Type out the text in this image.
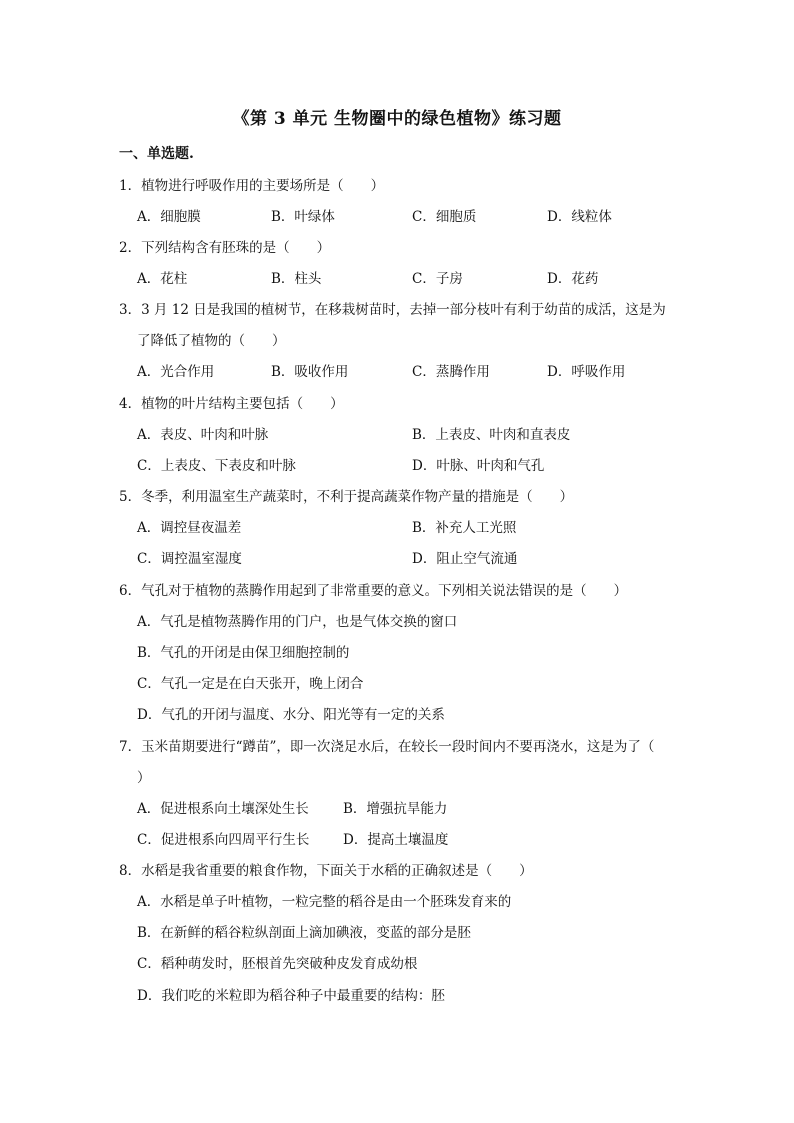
《第 3 单元 生物圈中的绿色植物》练习题
一、单选题.
1．植物进行呼吸作用的主要场所是（　　）
A．细胞膜	B．叶绿体	C．细胞质	D．线粒体
2．下列结构含有胚珠的是（　　）
A．花柱	B．柱头	C．子房	D．花药
3．3 月 12 日是我国的植树节，在移栽树苗时，去掉一部分枝叶有利于幼苗的成活，这是为
了降低了植物的（　　）
A．光合作用	B．吸收作用	C．蒸腾作用	D．呼吸作用
4．植物的叶片结构主要包括（　　）
A．表皮、叶肉和叶脉	B．上表皮、叶肉和直表皮
C．上表皮、下表皮和叶脉	D．叶脉、叶肉和气孔
5．冬季，利用温室生产蔬菜时，不利于提高蔬菜作物产量的措施是（　　）
A．调控昼夜温差	B．补充人工光照
C．调控温室湿度	D．阻止空气流通
6．气孔对于植物的蒸腾作用起到了非常重要的意义。下列相关说法错误的是（　　）
A．气孔是植物蒸腾作用的门户，也是气体交换的窗口
B．气孔的开闭是由保卫细胞控制的
C．气孔一定是在白天张开，晚上闭合
D．气孔的开闭与温度、水分、阳光等有一定的关系
7．玉米苗期要进行“蹲苗”，即一次浇足水后，在较长一段时间内不要再浇水，这是为了（
）
A．促进根系向土壤深处生长	B．增强抗旱能力
C．促进根系向四周平行生长 D．提高土壤温度
8．水稻是我省重要的粮食作物，下面关于水稻的正确叙述是（　　）
A．水稻是单子叶植物，一粒完整的稻谷是由一个胚珠发育来的
B．在新鲜的稻谷粒纵剖面上滴加碘液，变蓝的部分是胚
C．稻种萌发时，胚根首先突破种皮发育成幼根
D．我们吃的米粒即为稻谷种子中最重要的结构：胚
